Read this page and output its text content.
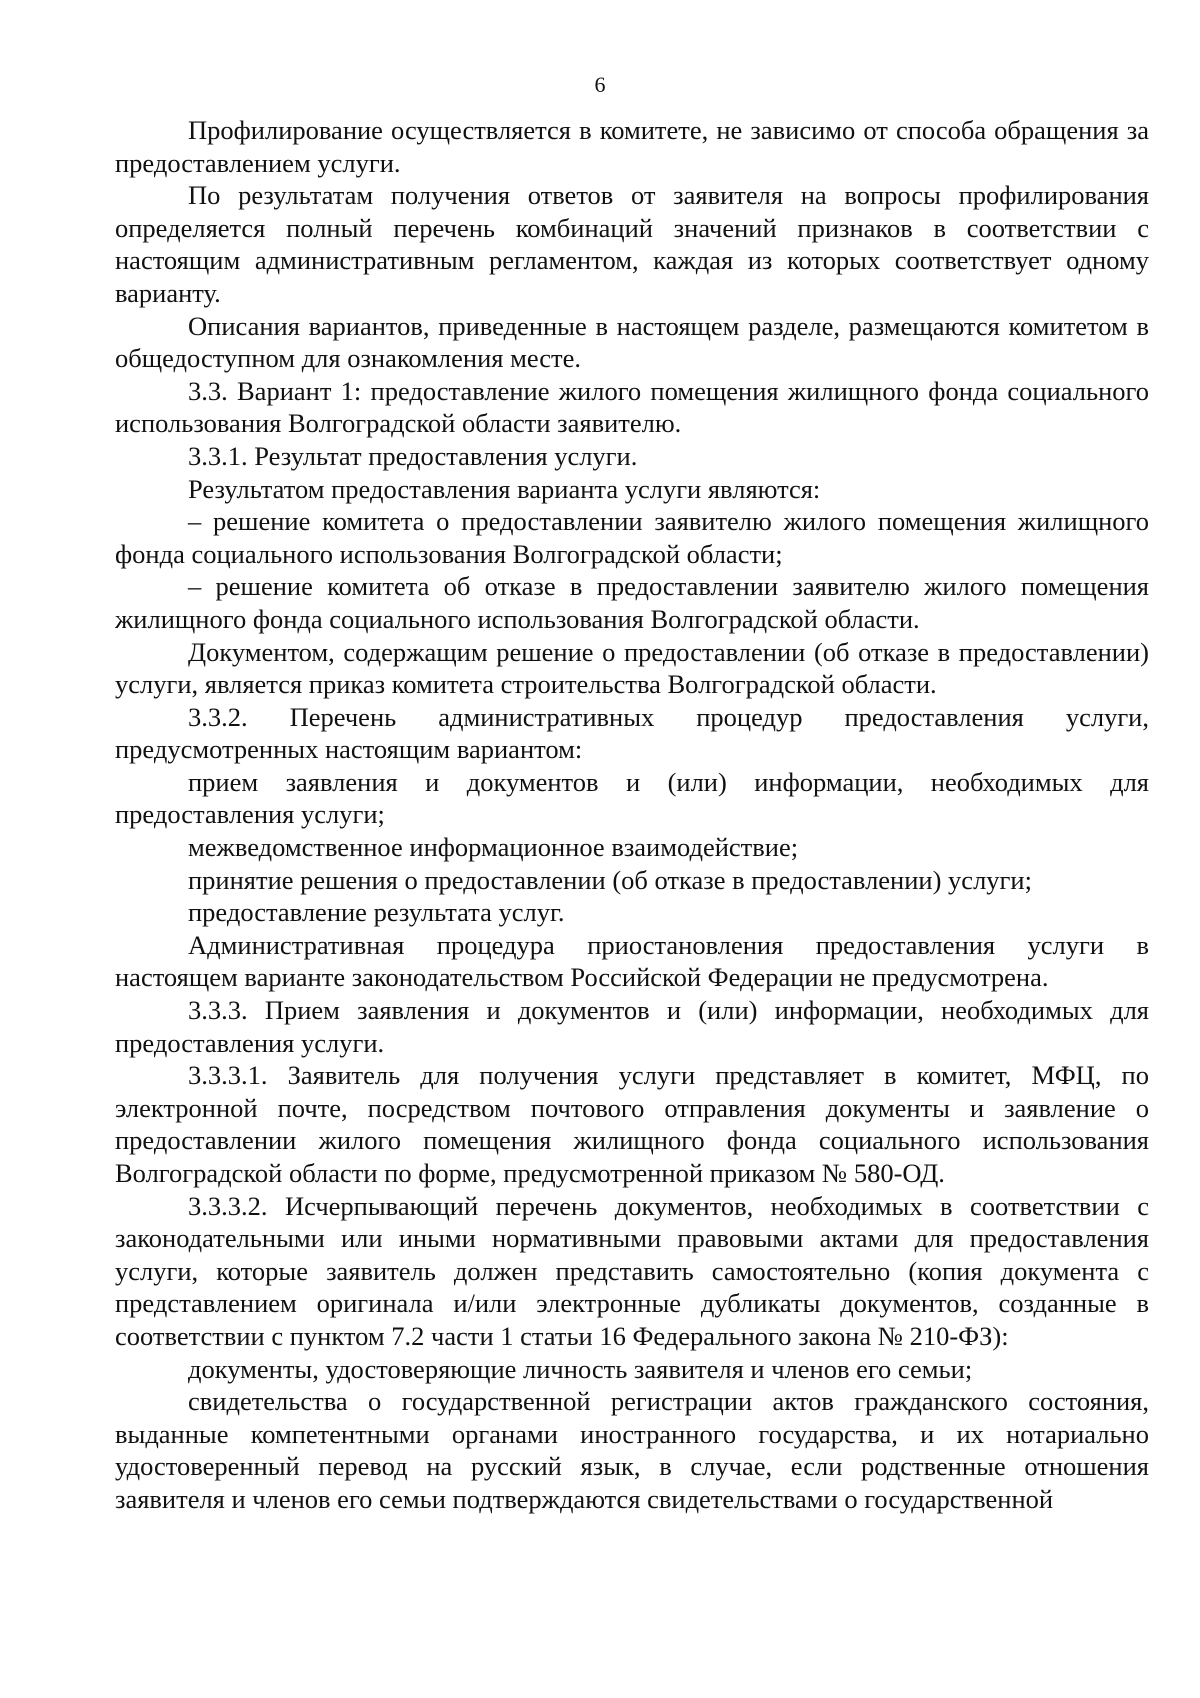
6

Профилирование осуществляется в комитете, не зависимо от способа обращения за предоставлением услуги.

По результатам получения ответов от заявителя на вопросы профилирования определяется полный перечень комбинаций значений признаков в соответствии с настоящим административным регламентом, каждая из которых соответствует одному варианту.

Описания вариантов, приведенные в настоящем разделе, размещаются комитетом в общедоступном для ознакомления месте.

3.3. Вариант 1: предоставление жилого помещения жилищного фонда социального использования Волгоградской области заявителю.

3.3.1. Результат предоставления услуги.

Результатом предоставления варианта услуги являются:

– решение комитета о предоставлении заявителю жилого помещения жилищного фонда социального использования Волгоградской области;

– решение комитета об отказе в предоставлении заявителю жилого помещения жилищного фонда социального использования Волгоградской области.

Документом, содержащим решение о предоставлении (об отказе в предоставлении) услуги, является приказ комитета строительства Волгоградской области.

3.3.2. Перечень административных процедур предоставления услуги, предусмотренных настоящим вариантом:

прием заявления и документов и (или) информации, необходимых для предоставления услуги;

межведомственное информационное взаимодействие;

принятие решения о предоставлении (об отказе в предоставлении) услуги;

предоставление результата услуг.

Административная процедура приостановления предоставления услуги в настоящем варианте законодательством Российской Федерации не предусмотрена.

3.3.3. Прием заявления и документов и (или) информации, необходимых для предоставления услуги.

3.3.3.1. Заявитель для получения услуги представляет в комитет, МФЦ, по электронной почте, посредством почтового отправления документы и заявление о предоставлении жилого помещения жилищного фонда социального использования Волгоградской области по форме, предусмотренной приказом № 580-ОД.

3.3.3.2. Исчерпывающий перечень документов, необходимых в соответствии с законодательными или иными нормативными правовыми актами для предоставления услуги, которые заявитель должен представить самостоятельно (копия документа с представлением оригинала и/или электронные дубликаты документов, созданные в соответствии с пунктом 7.2 части 1 статьи 16 Федерального закона № 210-ФЗ):

документы, удостоверяющие личность заявителя и членов его семьи;

свидетельства о государственной регистрации актов гражданского состояния, выданные компетентными органами иностранного государства, и их нотариально удостоверенный перевод на русский язык, в случае, если родственные отношения заявителя и членов его семьи подтверждаются свидетельствами о государственной
